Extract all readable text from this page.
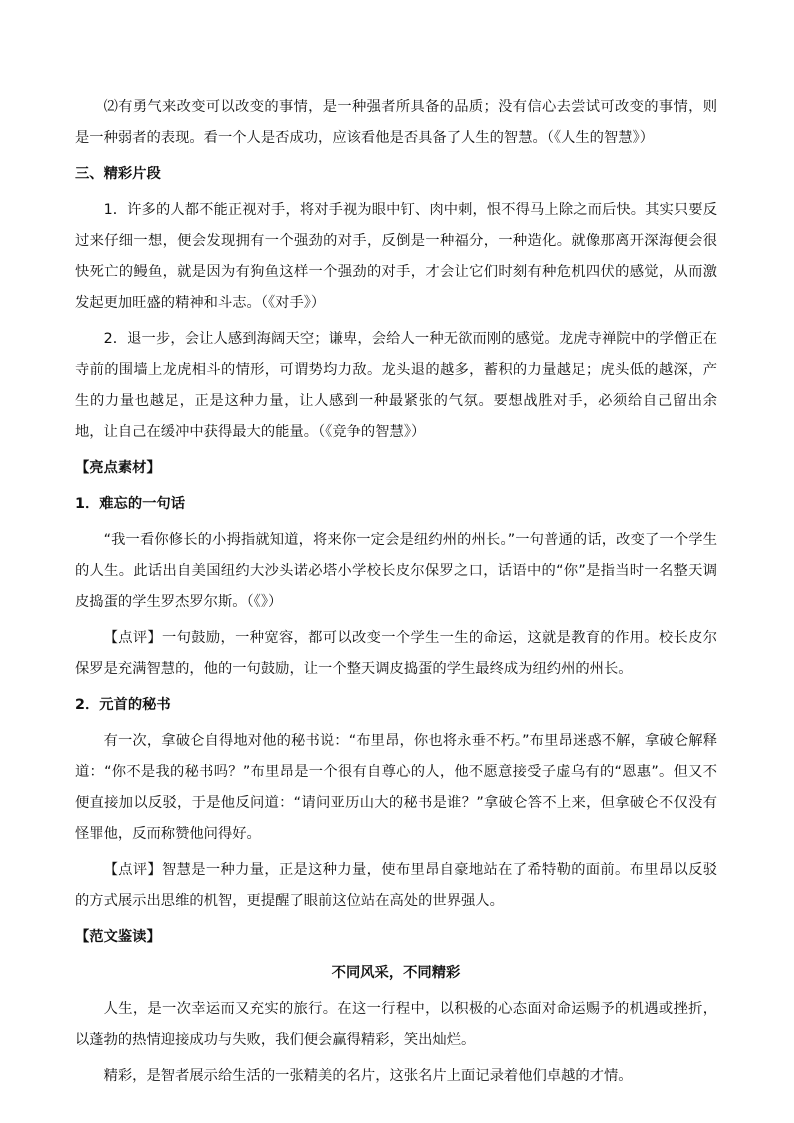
⑵有勇气来改变可以改变的事情，是一种强者所具备的品质；没有信心去尝试可改变的事情，则是一种弱者的表现。看一个人是否成功，应该看他是否具备了人生的智慧。（《人生的智慧》）

三、精彩片段

1．许多的人都不能正视对手，将对手视为眼中钉、肉中刺，恨不得马上除之而后快。其实只要反过来仔细一想，便会发现拥有一个强劲的对手，反倒是一种福分，一种造化。就像那离开深海便会很快死亡的鳗鱼，就是因为有狗鱼这样一个强劲的对手，才会让它们时刻有种危机四伏的感觉，从而激发起更加旺盛的精神和斗志。（《对手》）

2．退一步，会让人感到海阔天空；谦卑，会给人一种无欲而刚的感觉。龙虎寺禅院中的学僧正在寺前的围墙上龙虎相斗的情形，可谓势均力敌。龙头退的越多，蓄积的力量越足；虎头低的越深，产生的力量也越足，正是这种力量，让人感到一种最紧张的气氛。要想战胜对手，必须给自己留出余地，让自己在缓冲中获得最大的能量。（《竞争的智慧》）

【亮点素材】

1．难忘的一句话

“我一看你修长的小拇指就知道，将来你一定会是纽约州的州长。”一句普通的话，改变了一个学生的人生。此话出自美国纽约大沙头诺必塔小学校长皮尔保罗之口，话语中的“你”是指当时一名整天调皮捣蛋的学生罗杰罗尔斯。（《》）

【点评】一句鼓励，一种宽容，都可以改变一个学生一生的命运，这就是教育的作用。校长皮尔保罗是充满智慧的，他的一句鼓励，让一个整天调皮捣蛋的学生最终成为纽约州的州长。

2．元首的秘书

有一次，拿破仑自得地对他的秘书说：“布里昂，你也将永垂不朽。”布里昂迷惑不解，拿破仑解释道：“你不是我的秘书吗？”布里昂是一个很有自尊心的人，他不愿意接受子虚乌有的“恩惠”。但又不便直接加以反驳，于是他反问道：“请问亚历山大的秘书是谁？”拿破仑答不上来，但拿破仑不仅没有怪罪他，反而称赞他问得好。

【点评】智慧是一种力量，正是这种力量，使布里昂自豪地站在了希特勒的面前。布里昂以反驳的方式展示出思维的机智，更提醒了眼前这位站在高处的世界强人。

【范文鉴读】

不同风采，不同精彩

人生，是一次幸运而又充实的旅行。在这一行程中，以积极的心态面对命运赐予的机遇或挫折，以蓬勃的热情迎接成功与失败，我们便会赢得精彩，笑出灿烂。

精彩，是智者展示给生活的一张精美的名片，这张名片上面记录着他们卓越的才情。
